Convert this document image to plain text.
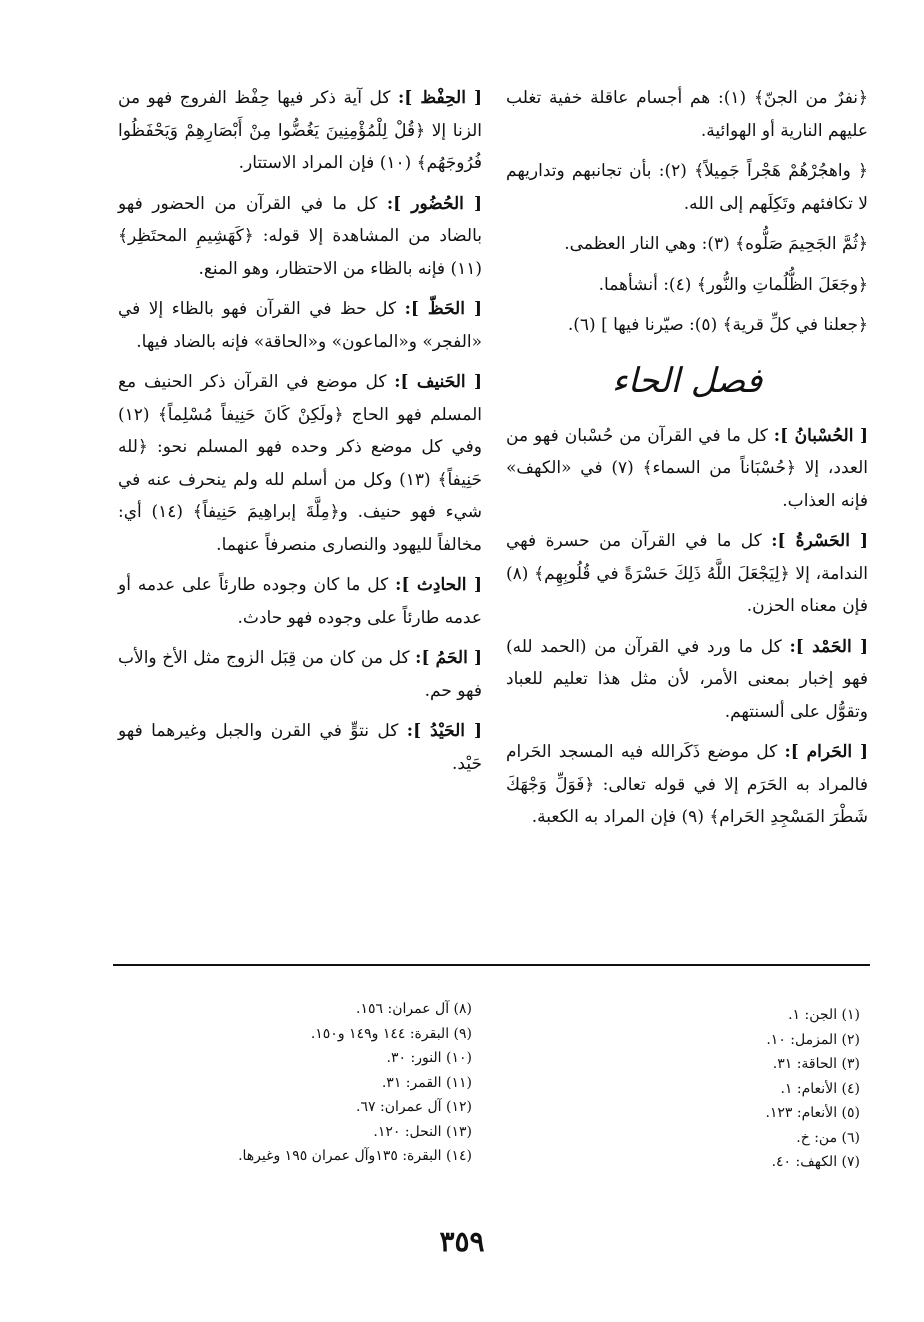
﴿نفرٌ من الجنّ﴾ (١): هم أجسام عاقلة خفية تغلب عليهم النارية أو الهوائية.

﴿ واهجُرْهُمْ هَجْراً جَمِيلاً﴾ (٢): بأن تجانبهم وتداريهم لا تكافئهم وتَكِلَهم إلى الله.

﴿ثُمَّ الجَحِيمَ صَلُّوه﴾ (٣): وهي النار العظمى.

﴿وجَعَلَ الظُّلُماتِ والنُّور﴾ (٤): أنشأهما.

﴿جعلنا في كلِّ قرية﴾ (٥): صيّرنا فيها ] (٦).

فصل الحاء

[ الحُسْبانُ ]: كل ما في القرآن من حُسْبان فهو من العدد، إلا ﴿حُسْبَاناً من السماء﴾ (٧) في «الكهف» فإنه العذاب.

[ الحَسْرةُ ]: كل ما في القرآن من حسرة فهي الندامة، إلا ﴿لِيَجْعَلَ اللَّهُ ذَلِكَ حَسْرَةً في قُلُوبِهِم﴾ (٨) فإن معناه الحزن.

[ الحَمْد ]: كل ما ورد في القرآن من (الحمد لله) فهو إخبار بمعنى الأمر، لأن مثل هذا تعليم للعباد وتقوُّل على ألسنتهم.

[ الحَرام ]: كل موضع ذَكَرالله فيه المسجد الحَرام فالمراد به الحَرَم إلا في قوله تعالى: ﴿فَوَلِّ وَجْهَكَ شَطْرَ المَسْجِدِ الحَرام﴾ (٩) فإن المراد به الكعبة.

[ الحِفْظ ]: كل آية ذكر فيها حِفْظ الفروج فهو من الزنا إلا ﴿قُلْ لِلْمُؤْمِنِينَ يَغُضُّوا مِنْ أَبْصَارِهِمْ وَيَحْفَظُوا فُرُوجَهُم﴾ (١٠) فإن المراد الاستتار.

[ الحُضُور ]: كل ما في القرآن من الحضور فهو بالضاد من المشاهدة إلا قوله: ﴿كَهَشِيمِ المحتَظِر﴾ (١١) فإنه بالظاء من الاحتظار، وهو المنع.

[ الحَظّ ]: كل حظ في القرآن فهو بالظاء إلا في «الفجر» و«الماعون» و«الحاقة» فإنه بالضاد فيها.

[ الحَنيف ]: كل موضع في القرآن ذكر الحنيف مع المسلم فهو الحاج ﴿ولَكِنْ كَانَ حَنِيفاً مُسْلِماً﴾ (١٢) وفي كل موضع ذكر وحده فهو المسلم نحو: ﴿لله حَنِيفاً﴾ (١٣) وكل من أسلم لله ولم ينحرف عنه في شيء فهو حنيف. و﴿مِلَّةَ إبراهِيمَ حَنِيفاً﴾ (١٤) أي: مخالفاً لليهود والنصارى منصرفاً عنهما.

[ الحادِث ]: كل ما كان وجوده طارئاً على عدمه أو عدمه طارئاً على وجوده فهو حادث.

[ الحَمُ ]: كل من كان من قِبَل الزوج مثل الأخ والأب فهو حم.

[ الحَيْدُ ]: كل نتوٍّ في القرن والجبل وغيرهما فهو حَيْد.

(١) الجن: ١.
(٢) المزمل: ١٠.
(٣) الحاقة: ٣١.
(٤) الأنعام: ١.
(٥) الأنعام: ١٢٣.
(٦) من: خ.
(٧) الكهف: ٤٠.
(٨) آل عمران: ١٥٦.
(٩) البقرة: ١٤٤ و١٤٩ و١٥٠.
(١٠) النور: ٣٠.
(١١) القمر: ٣١.
(١٢) آل عمران: ٦٧.
(١٣) النحل: ١٢٠.
(١٤) البقرة: ١٣٥وآل عمران ١٩٥ وغيرها.
٣٥٩
